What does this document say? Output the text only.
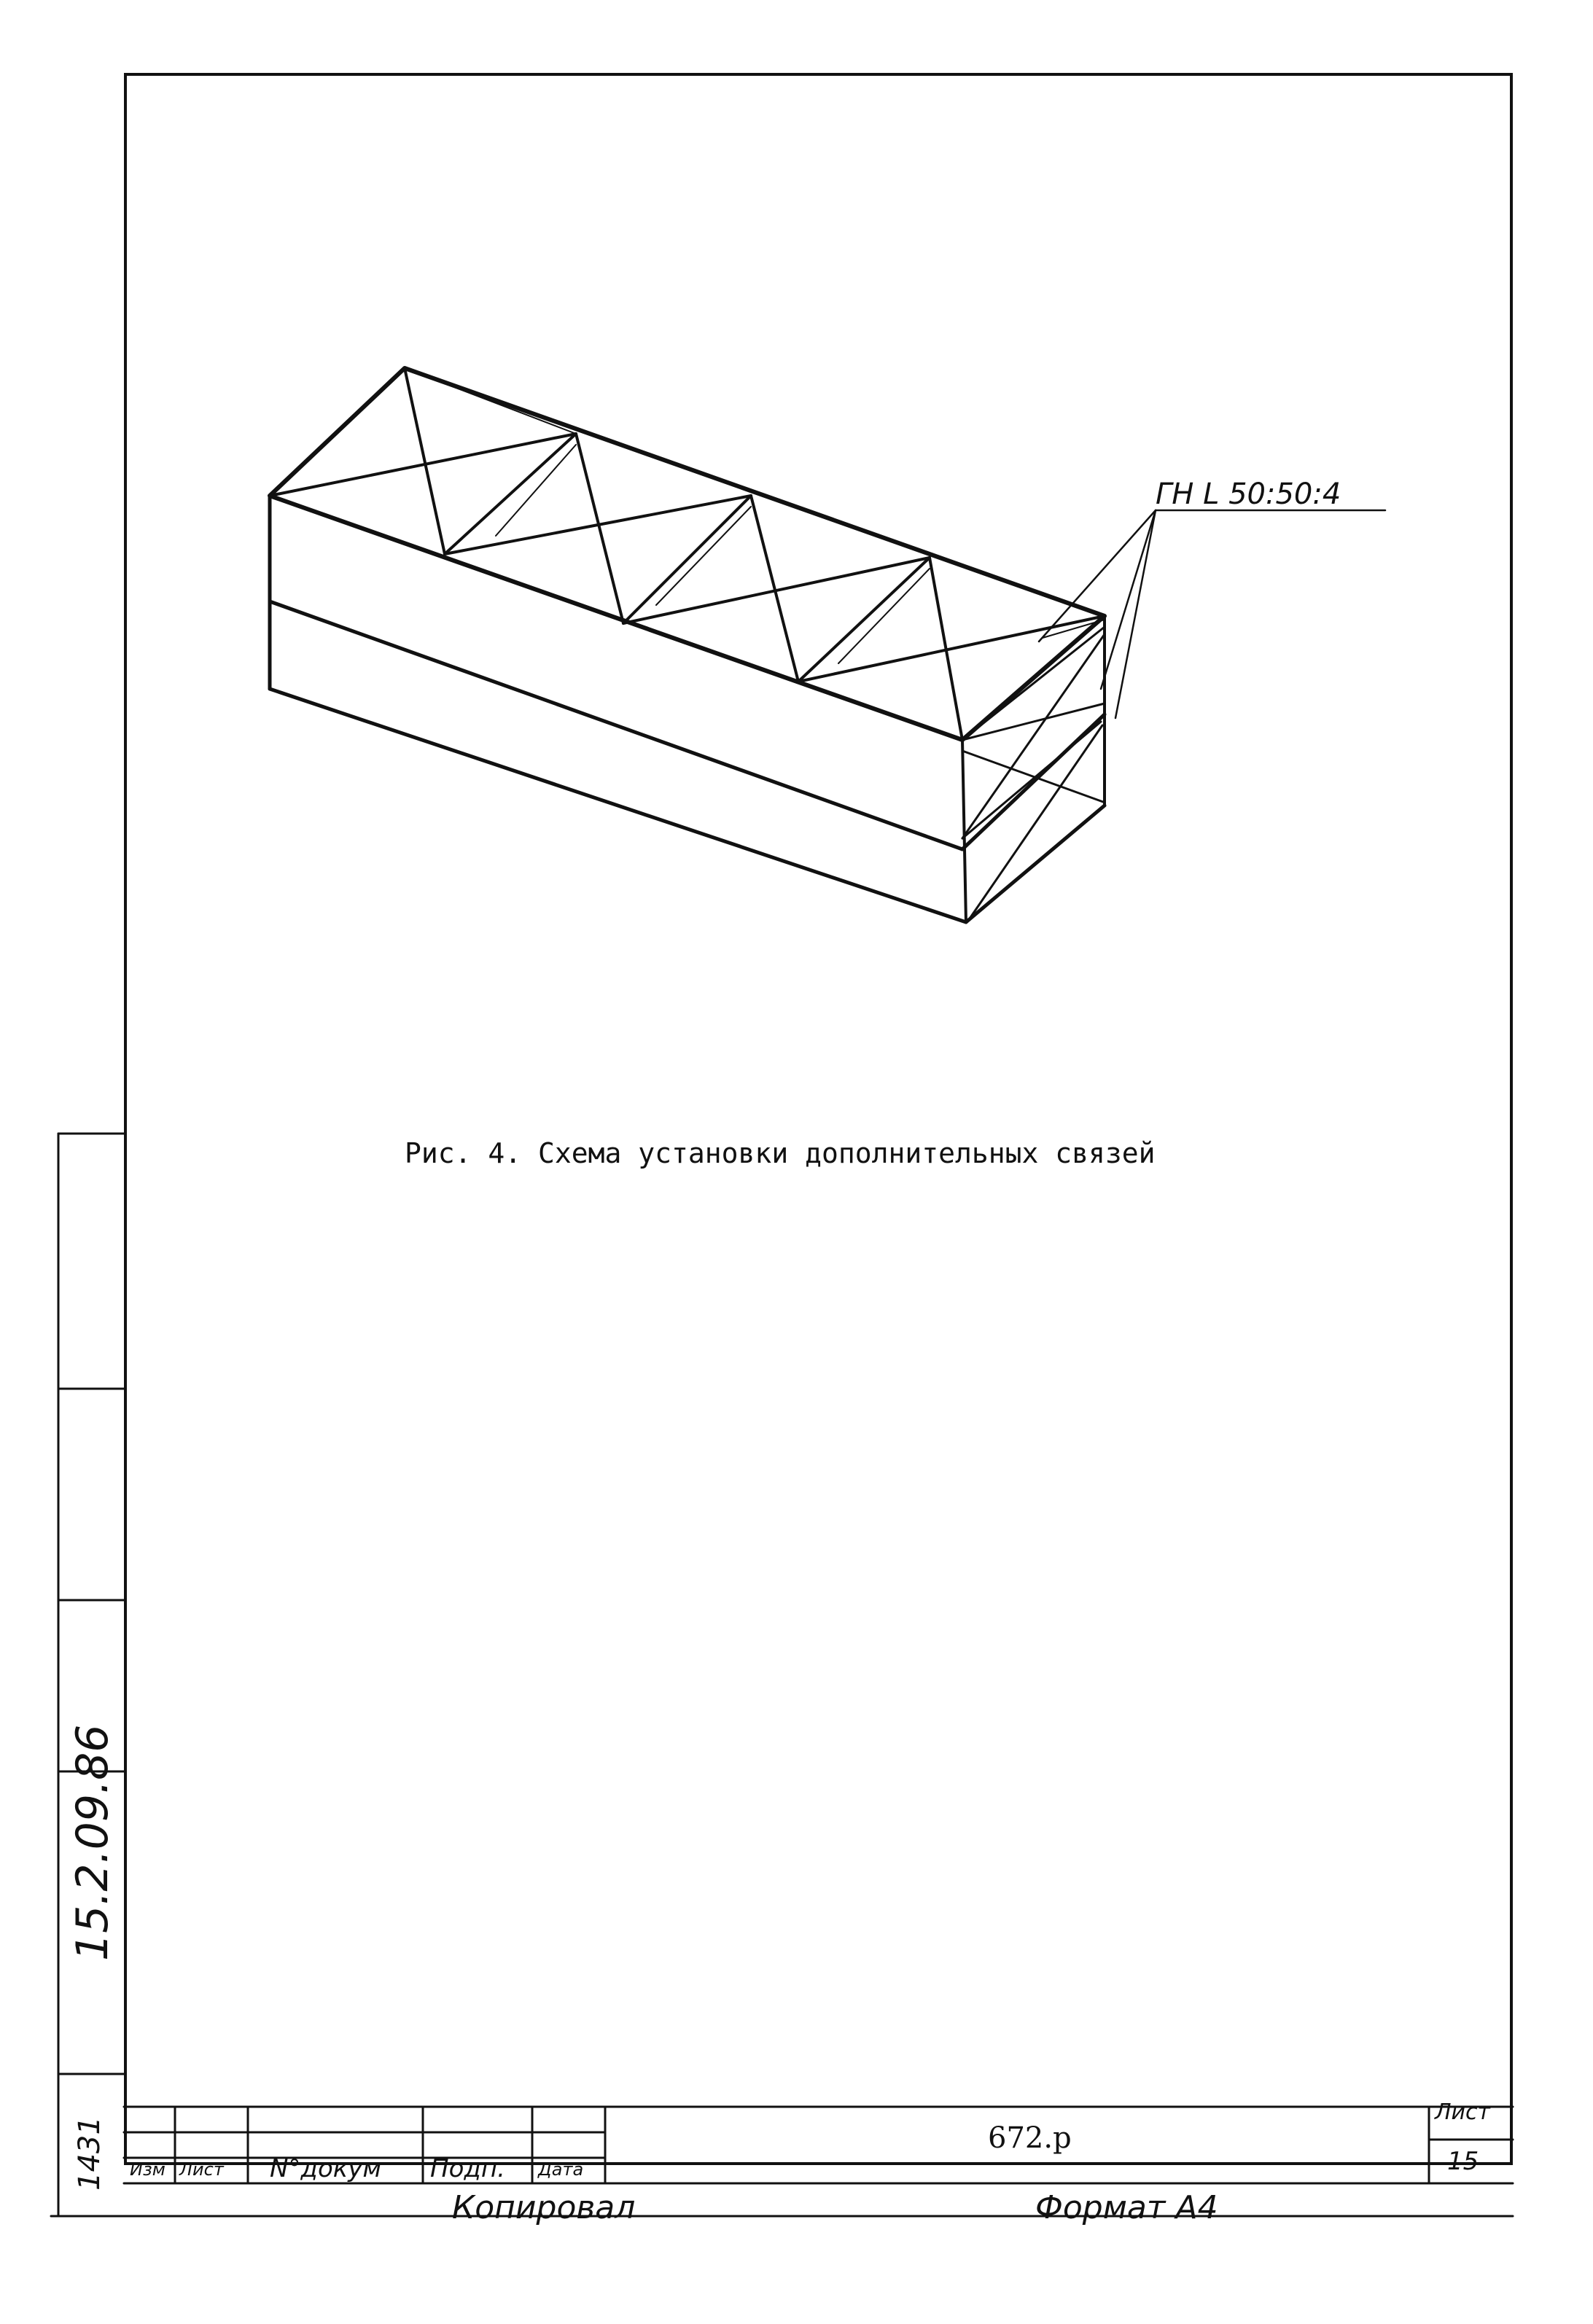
Рис. 4. Схема установки дополнительных связей
ГН L 50:50:4
Изм Лист N°докум Подп. Дата
672.р
Лист
15
Копировал	Формат А4
15.2.09.86
1431
